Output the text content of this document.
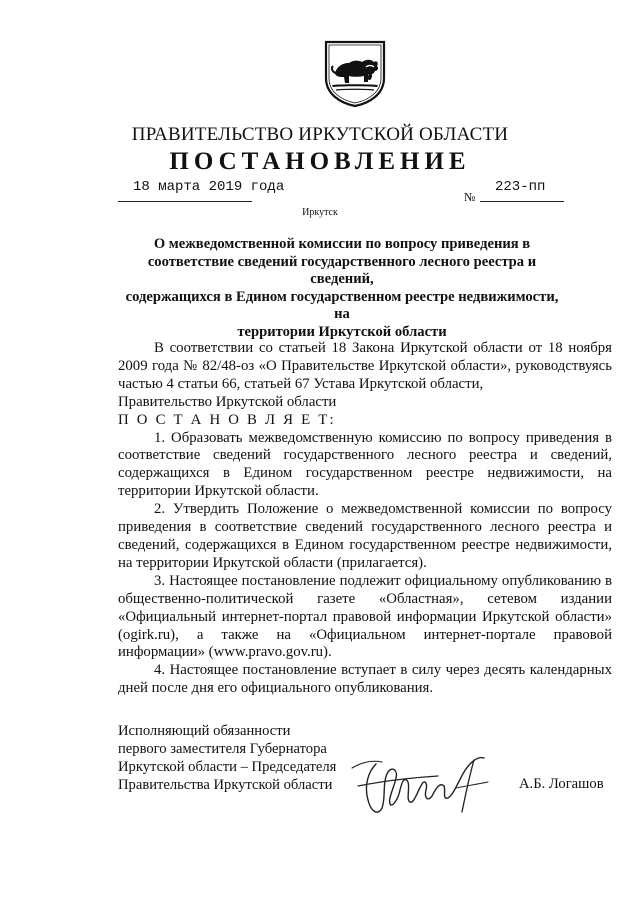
ПРАВИТЕЛЬСТВО ИРКУТСКОЙ ОБЛАСТИ
ПОСТАНОВЛЕНИЕ
18 марта 2019 года
№
223-пп
Иркутск
О межведомственной комиссии по вопросу приведения в
соответствие сведений государственного лесного реестра и сведений,
содержащихся в Едином государственном реестре недвижимости, на
территории Иркутской области

В соответствии со статьей 18 Закона Иркутской области от 18 ноября 2009 года № 82/48-оз «О Правительстве Иркутской области», руководствуясь частью 4 статьи 66, статьей 67 Устава Иркутской области,

Правительство Иркутской области

П О С Т А Н О В Л Я Е Т:

1. Образовать межведомственную комиссию по вопросу приведения в соответствие сведений государственного лесного реестра и сведений, содержащихся в Едином государственном реестре недвижимости, на территории Иркутской области.

2. Утвердить Положение о межведомственной комиссии по вопросу приведения в соответствие сведений государственного лесного реестра и сведений, содержащихся в Едином государственном реестре недвижимости, на территории Иркутской области (прилагается).

3. Настоящее постановление подлежит официальному опубликованию в общественно-политической газете «Областная», сетевом издании «Официальный интернет-портал правовой информации Иркутской области» (ogirk.ru), а также на «Официальном интернет-портале правовой информации» (www.pravo.gov.ru).

4. Настоящее постановление вступает в силу через десять календарных дней после дня его официального опубликования.

Исполняющий обязанности
первого заместителя Губернатора
Иркутской области – Председателя
Правительства Иркутской области	А.Б. Логашов
